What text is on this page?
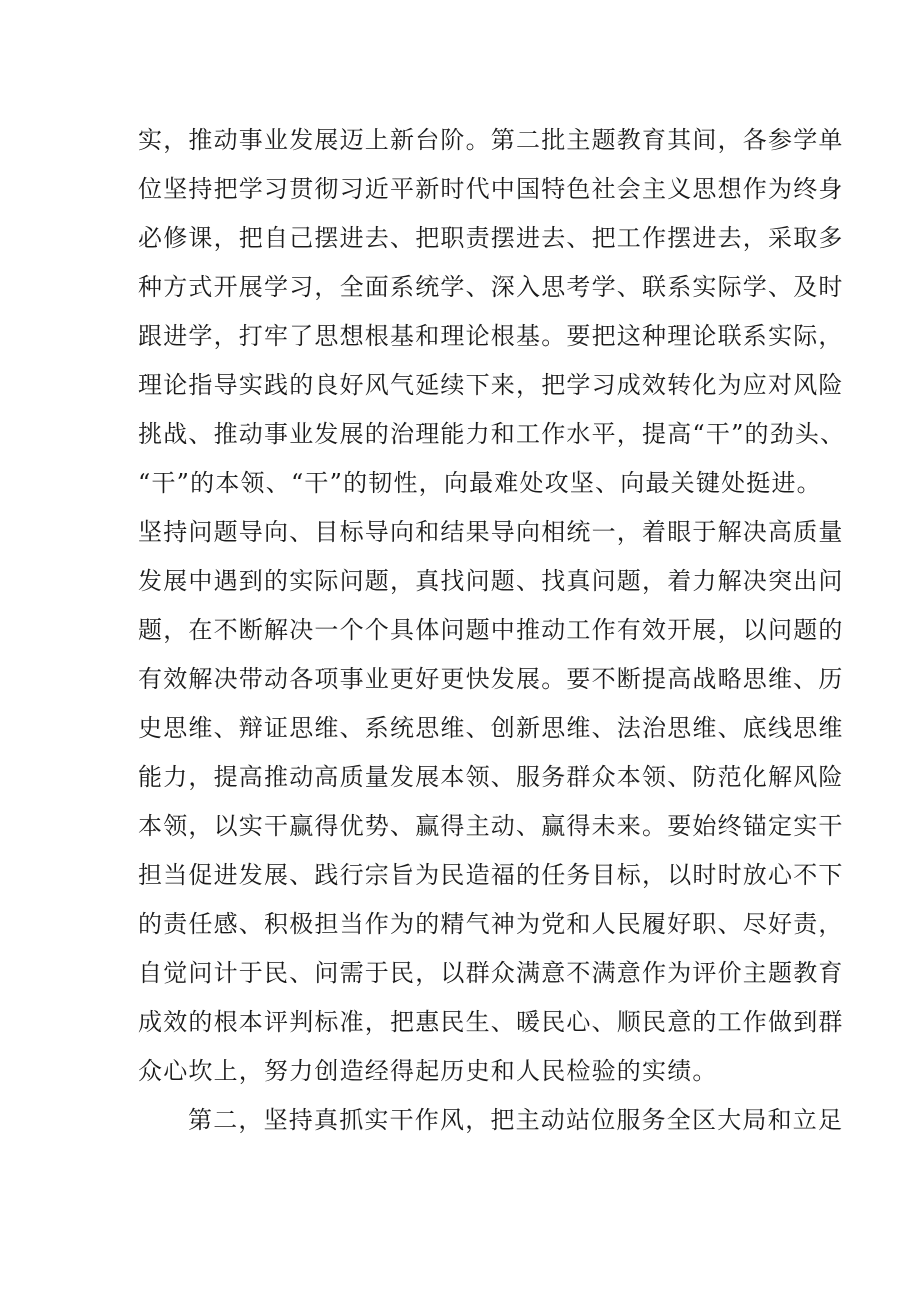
实，推动事业发展迈上新台阶。第二批主题教育其间，各参学单
位坚持把学习贯彻习近平新时代中国特色社会主义思想作为终身
必修课，把自己摆进去、把职责摆进去、把工作摆进去，采取多
种方式开展学习，全面系统学、深入思考学、联系实际学、及时
跟进学，打牢了思想根基和理论根基。要把这种理论联系实际，
理论指导实践的良好风气延续下来，把学习成效转化为应对风险
挑战、推动事业发展的治理能力和工作水平，提高“干”的劲头、
“干”的本领、“干”的韧性，向最难处攻坚、向最关键处挺进。
坚持问题导向、目标导向和结果导向相统一，着眼于解决高质量
发展中遇到的实际问题，真找问题、找真问题，着力解决突出问
题，在不断解决一个个具体问题中推动工作有效开展，以问题的
有效解决带动各项事业更好更快发展。要不断提高战略思维、历
史思维、辩证思维、系统思维、创新思维、法治思维、底线思维
能力，提高推动高质量发展本领、服务群众本领、防范化解风险
本领，以实干赢得优势、赢得主动、赢得未来。要始终锚定实干
担当促进发展、践行宗旨为民造福的任务目标，以时时放心不下
的责任感、积极担当作为的精气神为党和人民履好职、尽好责，
自觉问计于民、问需于民，以群众满意不满意作为评价主题教育
成效的根本评判标准，把惠民生、暖民心、顺民意的工作做到群
众心坎上，努力创造经得起历史和人民检验的实绩。
第二，坚持真抓实干作风，把主动站位服务全区大局和立足
